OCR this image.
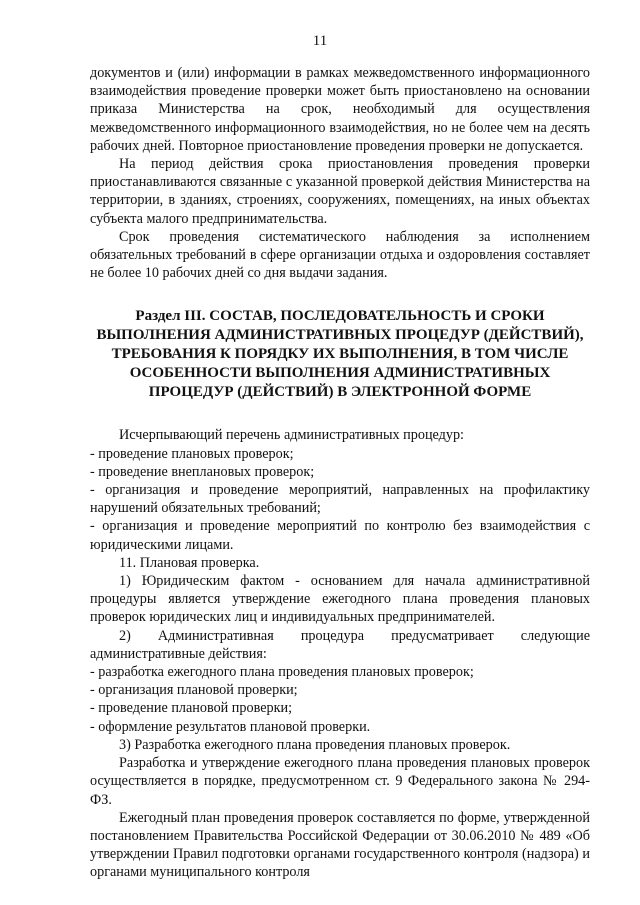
11

документов и (или) информации в рамках межведомственного информационного взаимодействия проведение проверки может быть приостановлено на основании приказа Министерства на срок, необходимый для осуществления межведомственного информационного взаимодействия, но не более чем на десять рабочих дней. Повторное приостановление проведения проверки не допускается.

На период действия срока приостановления проведения проверки приостанавливаются связанные с указанной проверкой действия Министерства на территории, в зданиях, строениях, сооружениях, помещениях, на иных объектах субъекта малого предпринимательства.

Срок проведения систематического наблюдения за исполнением обязательных требований в сфере организации отдыха и оздоровления составляет не более 10 рабочих дней со дня выдачи задания.

Раздел III. СОСТАВ, ПОСЛЕДОВАТЕЛЬНОСТЬ И СРОКИ ВЫПОЛНЕНИЯ АДМИНИСТРАТИВНЫХ ПРОЦЕДУР (ДЕЙСТВИЙ), ТРЕБОВАНИЯ К ПОРЯДКУ ИХ ВЫПОЛНЕНИЯ, В ТОМ ЧИСЛЕ ОСОБЕННОСТИ ВЫПОЛНЕНИЯ АДМИНИСТРАТИВНЫХ ПРОЦЕДУР (ДЕЙСТВИЙ) В ЭЛЕКТРОННОЙ ФОРМЕ

Исчерпывающий перечень административных процедур:

- проведение плановых проверок;

- проведение внеплановых проверок;

- организация и проведение мероприятий, направленных на профилактику нарушений обязательных требований;

- организация и проведение мероприятий по контролю без взаимодействия с юридическими лицами.

11. Плановая проверка.

1) Юридическим фактом - основанием для начала административной процедуры является утверждение ежегодного плана проведения плановых проверок юридических лиц и индивидуальных предпринимателей.

2) Административная процедура предусматривает следующие административные действия:

- разработка ежегодного плана проведения плановых проверок;

- организация плановой проверки;

- проведение плановой проверки;

- оформление результатов плановой проверки.

3) Разработка ежегодного плана проведения плановых проверок.

Разработка и утверждение ежегодного плана проведения плановых проверок осуществляется в порядке, предусмотренном ст. 9 Федерального закона № 294-ФЗ.

Ежегодный план проведения проверок составляется по форме, утвержденной постановлением Правительства Российской Федерации от 30.06.2010 № 489 «Об утверждении Правил подготовки органами государственного контроля (надзора) и органами муниципального контроля
